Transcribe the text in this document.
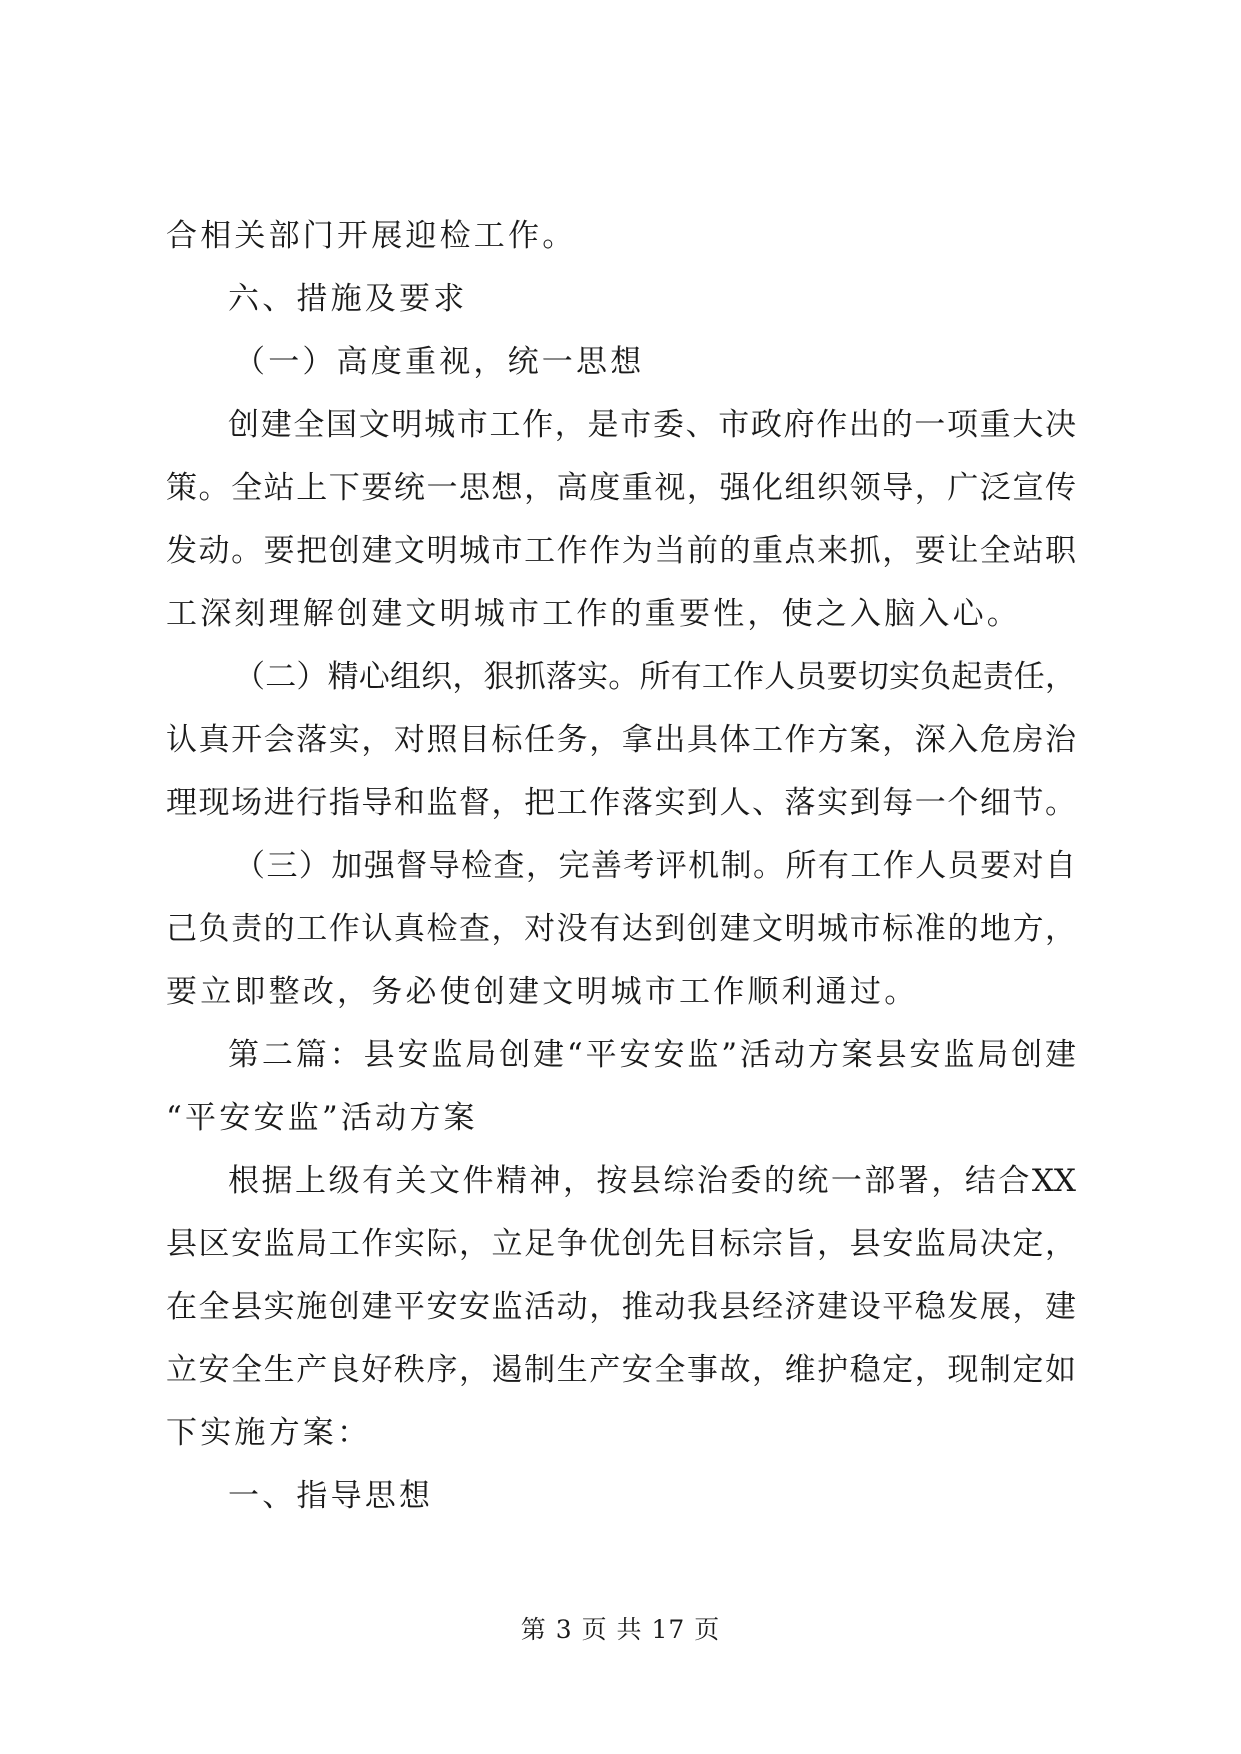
合相关部门开展迎检工作。
六、措施及要求
（一）高度重视，统一思想
创建全国文明城市工作，是市委、市政府作出的一项重大决
策。全站上下要统一思想，高度重视，强化组织领导，广泛宣传
发动。要把创建文明城市工作作为当前的重点来抓，要让全站职
工深刻理解创建文明城市工作的重要性，使之入脑入心。
（二）精心组织，狠抓落实。所有工作人员要切实负起责任，
认真开会落实，对照目标任务，拿出具体工作方案，深入危房治
理现场进行指导和监督，把工作落实到人、落实到每一个细节。
（三）加强督导检查，完善考评机制。所有工作人员要对自
己负责的工作认真检查，对没有达到创建文明城市标准的地方，
要立即整改，务必使创建文明城市工作顺利通过。
第二篇：县安监局创建“平安安监”活动方案县安监局创建
“平安安监”活动方案
根据上级有关文件精神，按县综治委的统一部署，结合XX
县区安监局工作实际，立足争优创先目标宗旨，县安监局决定，
在全县实施创建平安安监活动，推动我县经济建设平稳发展，建
立安全生产良好秩序，遏制生产安全事故，维护稳定，现制定如
下实施方案：
一、指导思想
第 3 页 共 17 页
